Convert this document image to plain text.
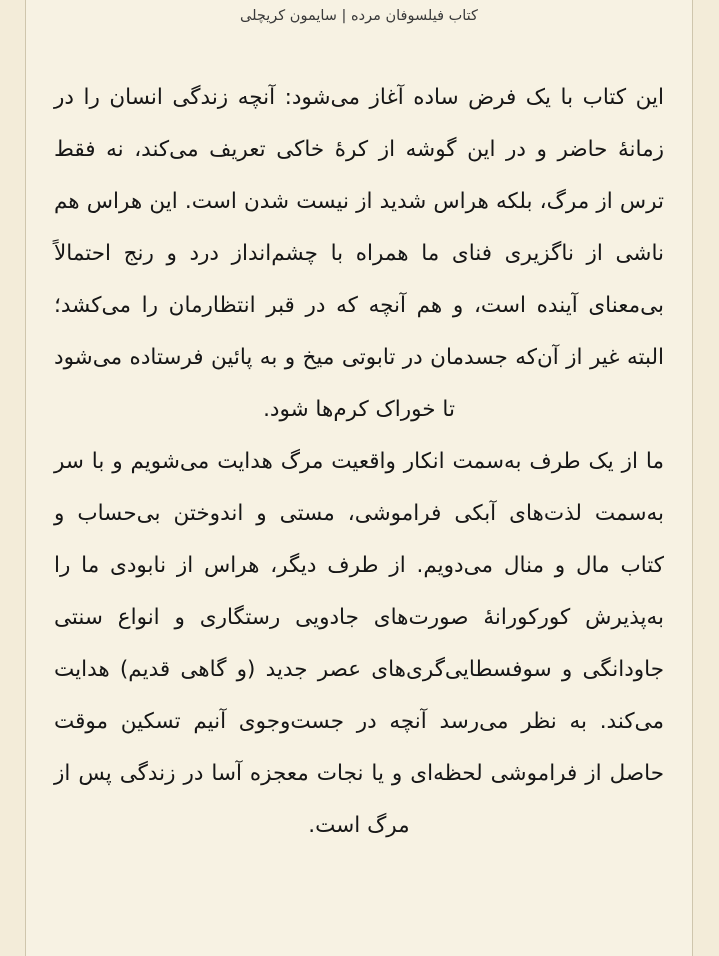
کتاب فیلسوفان مرده | سایمون کریچلی

این کتاب با یک فرض ساده آغاز می‌شود: آنچه زندگی انسان را در زمانهٔ حاضر و در این گوشه از کرهٔ خاکی تعریف می‌کند، نه فقط ترس از مرگ، بلکه هراس شدید از نیست شدن است. این هراس هم ناشی از ناگزیری فنای ما همراه با چشم‌انداز درد و رنج احتمالاً بی‌معنای آینده است، و هم آنچه که در قبر انتظارمان را می‌کشد؛ البته غیر از آن‌که جسدمان در تابوتی میخ و به پائین فرستاده می‌شود تا خوراک کرم‌ها شود.

ما از یک طرف به‌سمت انکار واقعیت مرگ هدایت می‌شویم و با سر به‌سمت لذت‌های آبکی فراموشی، مستی و اندوختن بی‌حساب و کتاب مال و منال می‌دویم. از طرف دیگر، هراس از نابودی ما را به‌پذیرش کورکورانهٔ صورت‌های جادویی رستگاری و انواع سنتی جاودانگی و سوفسطایی‌گری‌های عصر جدید (و گاهی قدیم) هدایت می‌کند. به نظر می‌رسد آنچه در جست‌وجوی آنیم تسکین موقت حاصل از فراموشی لحظه‌ای و یا نجات معجزه آسا در زندگی پس از مرگ است.
